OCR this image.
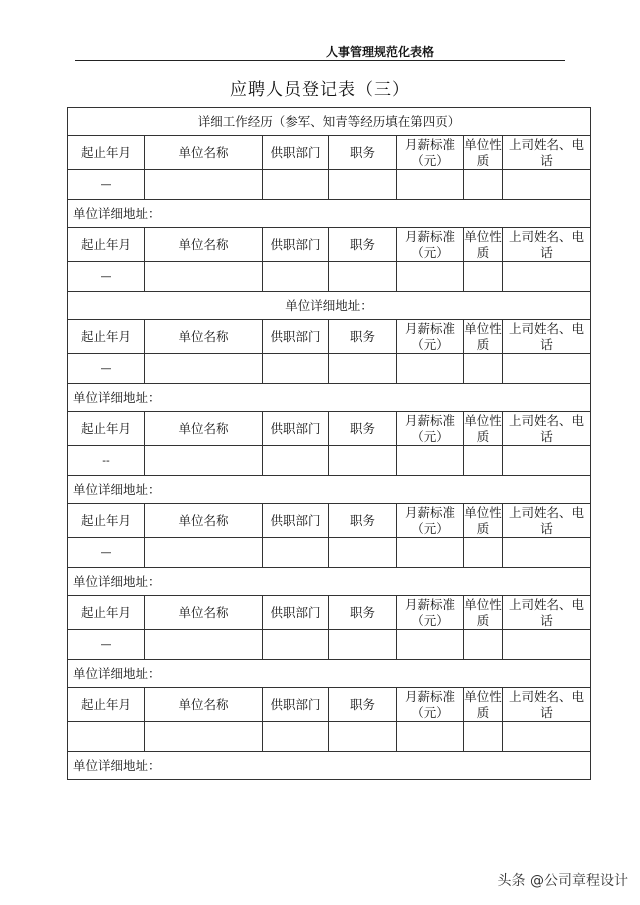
人事管理规范化表格
应聘人员登记表（三）
详细工作经历（参军、知青等经历填在第四页）						
起止年月	单位名称	供职部门	职务	月薪标准（元）	单位性质	上司姓名、电话
—						
单位详细地址：						
起止年月	单位名称	供职部门	职务	月薪标准（元）	单位性质	上司姓名、电话
—						
单位详细地址：						
起止年月	单位名称	供职部门	职务	月薪标准（元）	单位性质	上司姓名、电话
—						
单位详细地址：						
起止年月	单位名称	供职部门	职务	月薪标准（元）	单位性质	上司姓名、电话
--						
单位详细地址：						
起止年月	单位名称	供职部门	职务	月薪标准（元）	单位性质	上司姓名、电话
—						
单位详细地址：						
起止年月	单位名称	供职部门	职务	月薪标准（元）	单位性质	上司姓名、电话
—						
单位详细地址：						
起止年月	单位名称	供职部门	职务	月薪标准（元）	单位性质	上司姓名、电话

单位详细地址：						
头条 @公司章程设计
